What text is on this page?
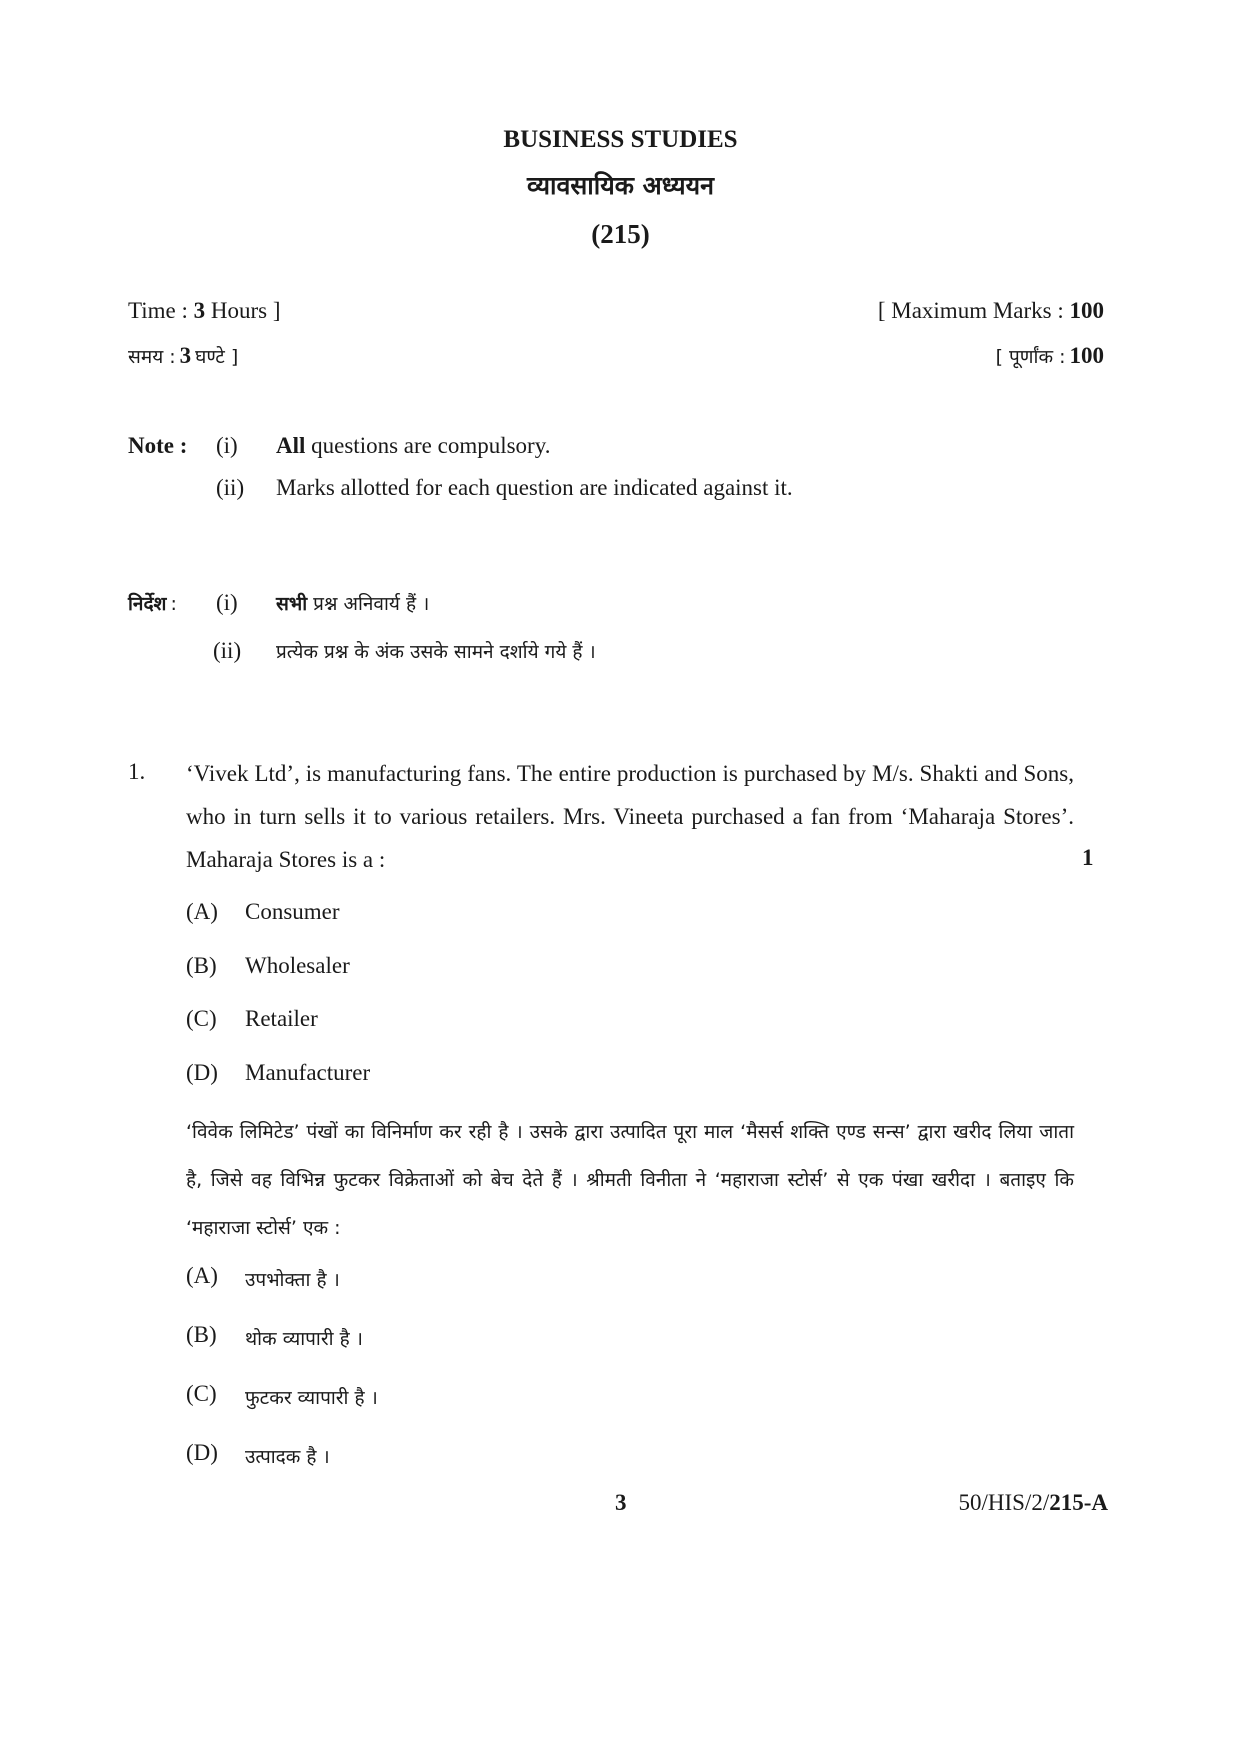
BUSINESS STUDIES
व्यावसायिक अध्ययन
(215)
Time : 3 Hours ]	[ Maximum Marks : 100
समय : 3 घण्टे ]	[ पूर्णांक : 100
Note : (i) All questions are compulsory.
(ii) Marks allotted for each question are indicated against it.
निर्देश : (i) सभी प्रश्न अनिवार्य हैं ।
(ii) प्रत्येक प्रश्न के अंक उसके सामने दर्शाये गये हैं ।
1. ‘Vivek Ltd’, is manufacturing fans. The entire production is purchased by M/s. Shakti and Sons, who in turn sells it to various retailers. Mrs. Vineeta purchased a fan from ‘Maharaja Stores’. Maharaja Stores is a :	1
(A) Consumer
(B) Wholesaler
(C) Retailer
(D) Manufacturer
‘विवेक लिमिटेड’ पंखों का विनिर्माण कर रही है । उसके द्वारा उत्पादित पूरा माल ‘मैसर्स शक्ति एण्ड सन्स’ द्वारा खरीद लिया जाता है, जिसे वह विभिन्न फुटकर विक्रेताओं को बेच देते हैं । श्रीमती विनीता ने ‘महाराजा स्टोर्स’ से एक पंखा खरीदा । बताइए कि ‘महाराजा स्टोर्स’ एक :
(A) उपभोक्ता है ।
(B) थोक व्यापारी है ।
(C) फुटकर व्यापारी है ।
(D) उत्पादक है ।
3	50/HIS/2/215-A
